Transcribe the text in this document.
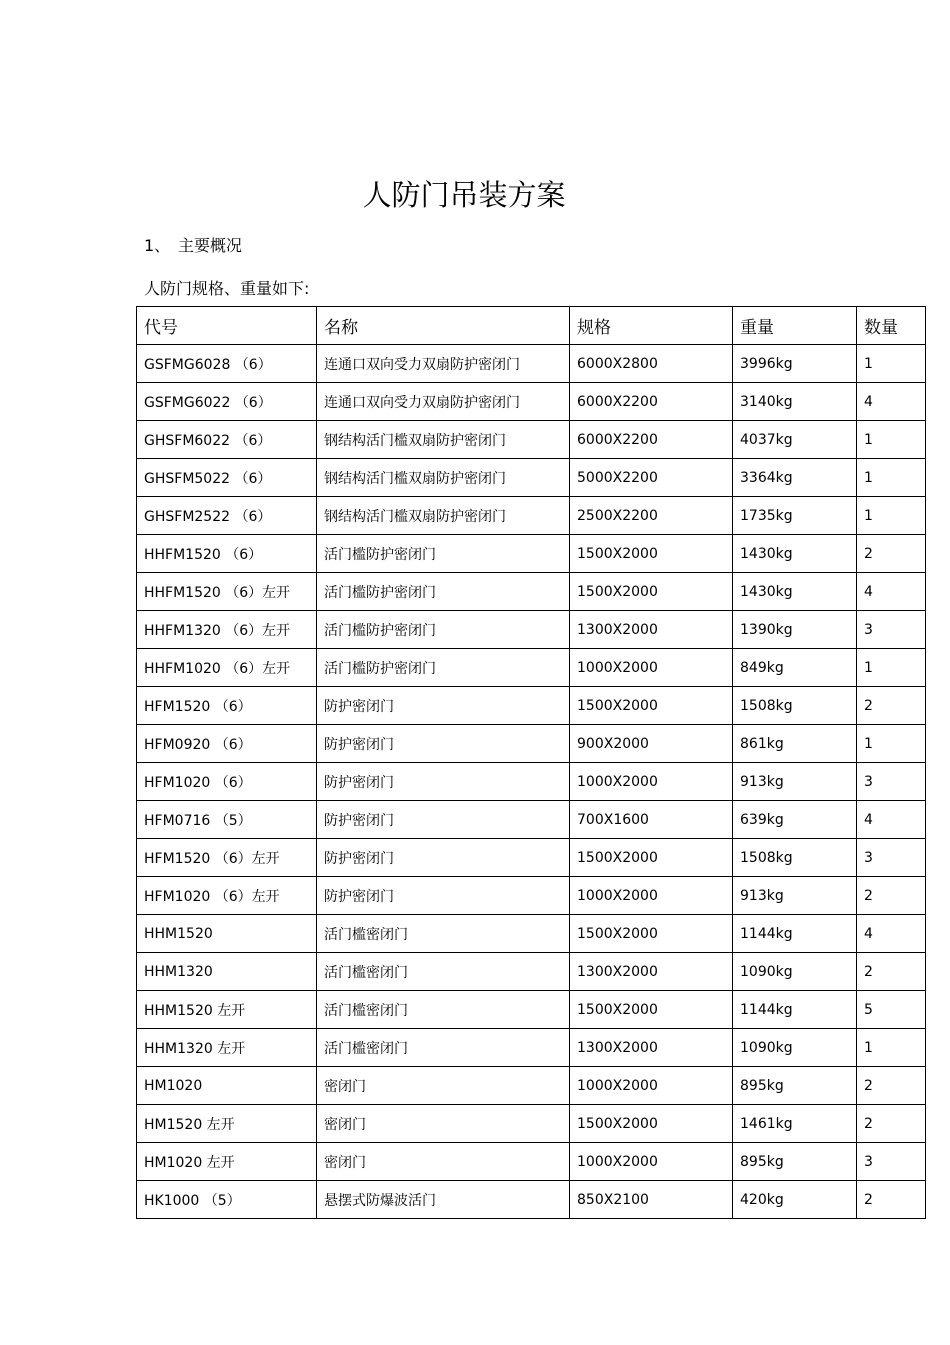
人防门吊装方案
1、 主要概况
人防门规格、重量如下:
代号	名称	规格	重量	数量
GSFMG6028 （6）	连通口双向受力双扇防护密闭门	6000X2800	3996kg	1
GSFMG6022 （6）	连通口双向受力双扇防护密闭门	6000X2200	3140kg	4
GHSFM6022 （6）	钢结构活门槛双扇防护密闭门	6000X2200	4037kg	1
GHSFM5022 （6）	钢结构活门槛双扇防护密闭门	5000X2200	3364kg	1
GHSFM2522 （6）	钢结构活门槛双扇防护密闭门	2500X2200	1735kg	1
HHFM1520 （6）	活门槛防护密闭门	1500X2000	1430kg	2
HHFM1520 （6）左开	活门槛防护密闭门	1500X2000	1430kg	4
HHFM1320 （6）左开	活门槛防护密闭门	1300X2000	1390kg	3
HHFM1020 （6）左开	活门槛防护密闭门	1000X2000	849kg	1
HFM1520 （6）	防护密闭门	1500X2000	1508kg	2
HFM0920 （6）	防护密闭门	900X2000	861kg	1
HFM1020 （6）	防护密闭门	1000X2000	913kg	3
HFM0716 （5）	防护密闭门	700X1600	639kg	4
HFM1520 （6）左开	防护密闭门	1500X2000	1508kg	3
HFM1020 （6）左开	防护密闭门	1000X2000	913kg	2
HHM1520	活门槛密闭门	1500X2000	1144kg	4
HHM1320	活门槛密闭门	1300X2000	1090kg	2
HHM1520 左开	活门槛密闭门	1500X2000	1144kg	5
HHM1320 左开	活门槛密闭门	1300X2000	1090kg	1
HM1020	密闭门	1000X2000	895kg	2
HM1520 左开	密闭门	1500X2000	1461kg	2
HM1020 左开	密闭门	1000X2000	895kg	3
HK1000 （5）	悬摆式防爆波活门	850X2100	420kg	2
